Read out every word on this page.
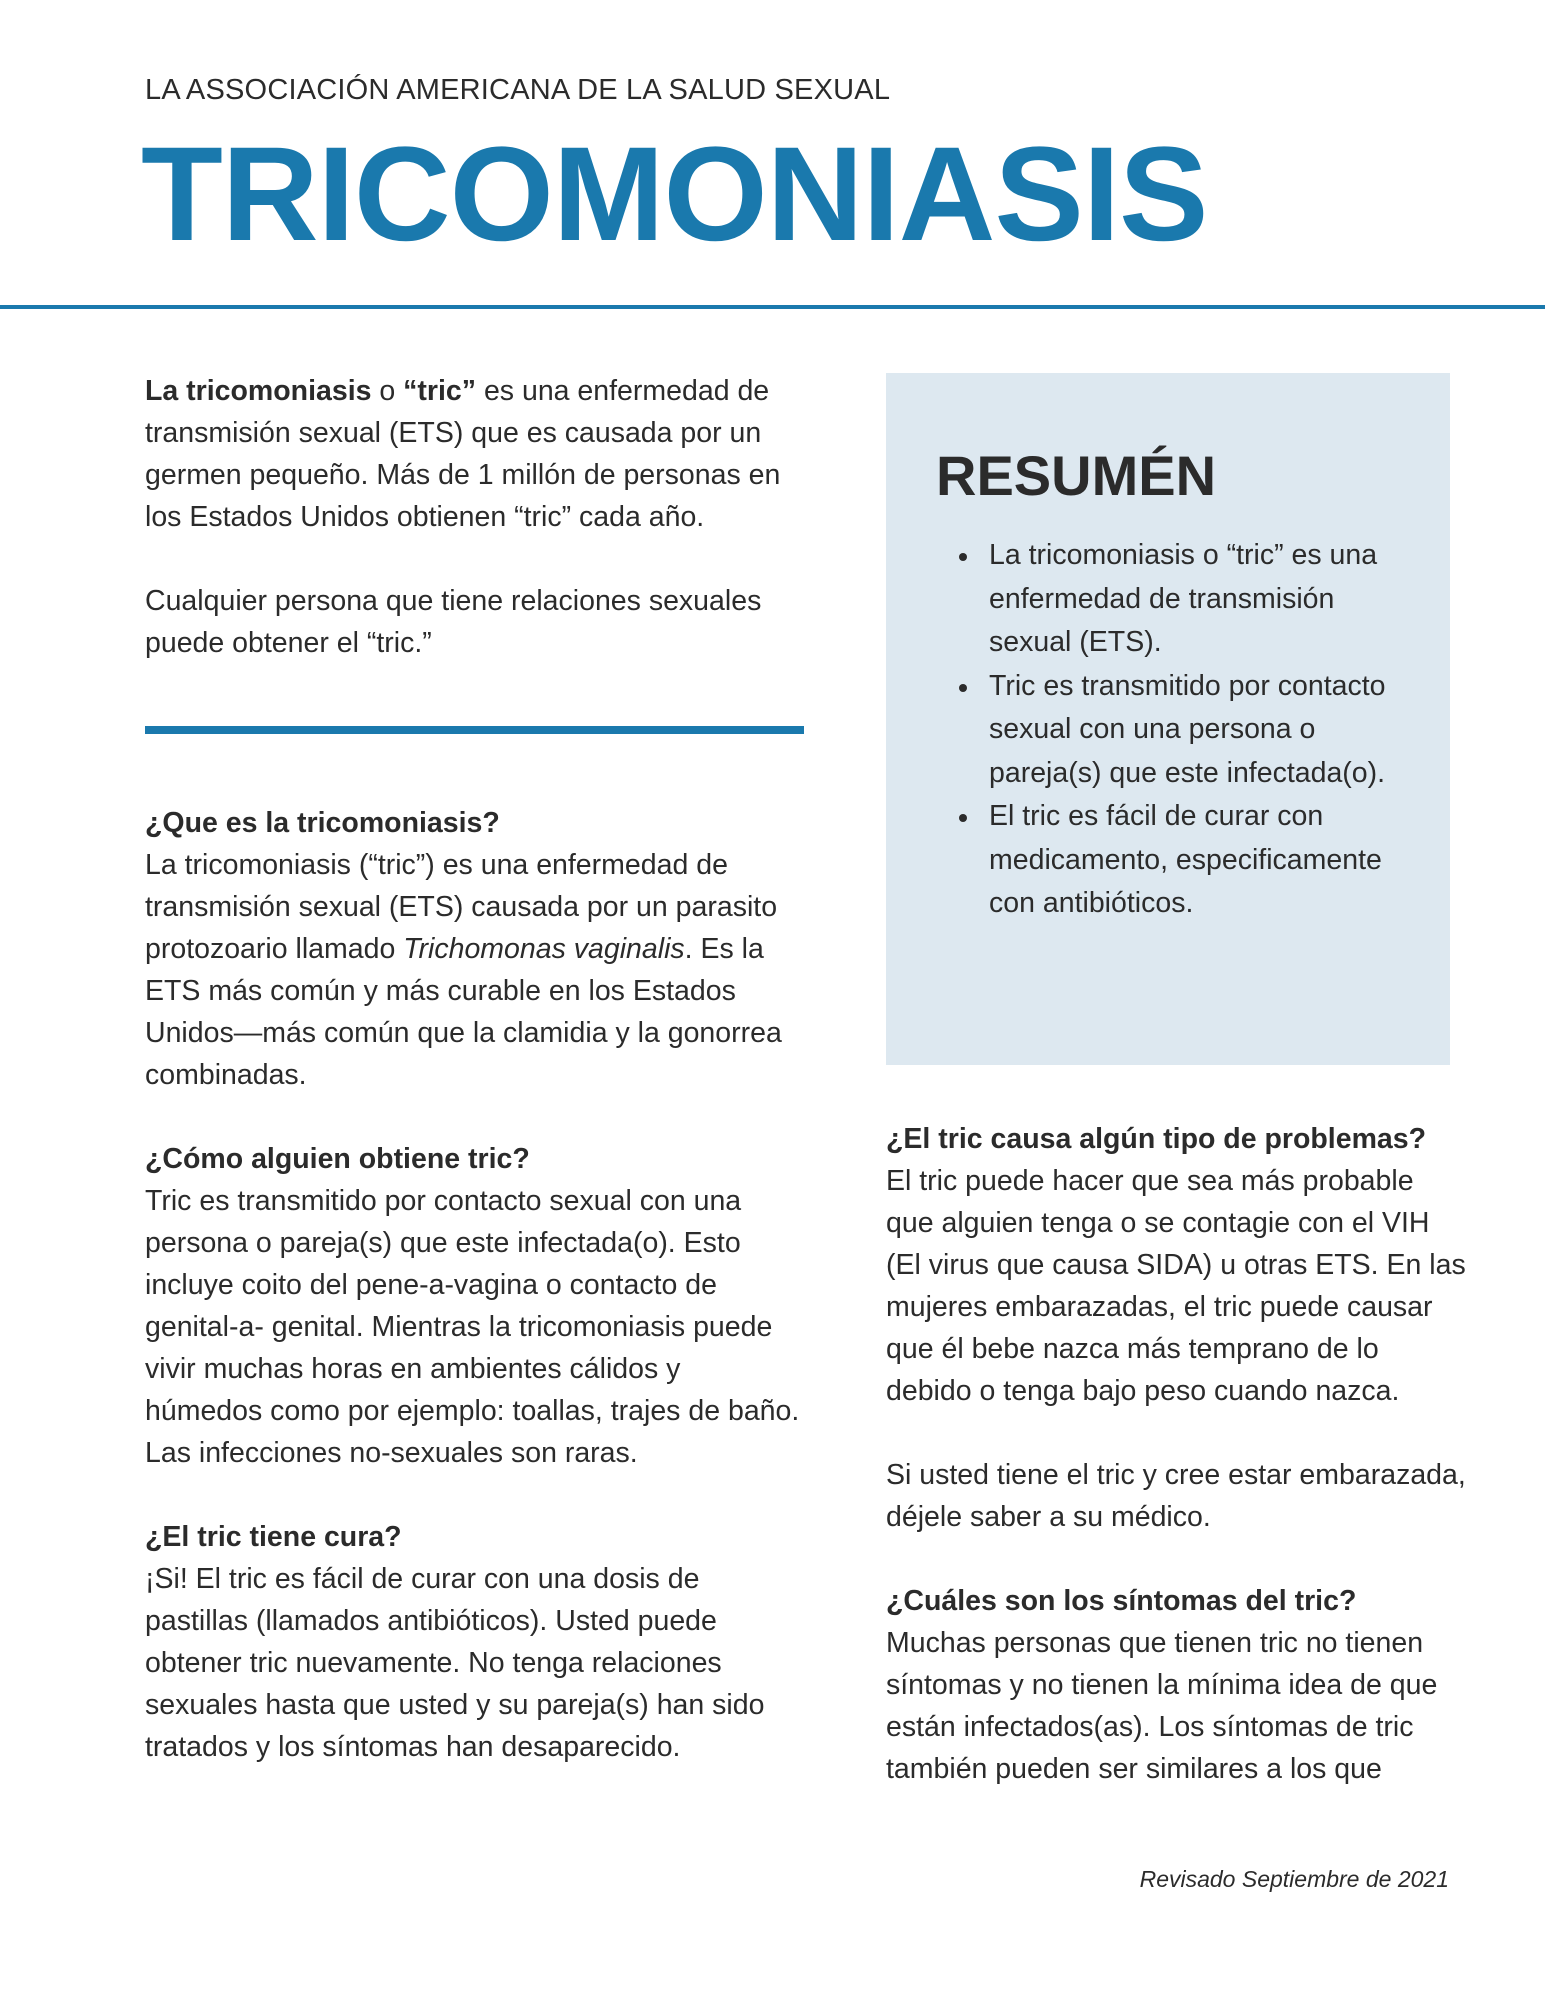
LA ASSOCIACIÓN AMERICANA DE LA SALUD SEXUAL
TRICOMONIASIS

La tricomoniasis o “tric” es una enfermedad de transmisión sexual (ETS) que es causada por un germen pequeño. Más de 1 millón de personas en los Estados Unidos obtienen “tric” cada año.

Cualquier persona que tiene relaciones sexuales puede obtener el “tric.”

¿Que es la tricomoniasis?

La tricomoniasis (“tric”) es una enfermedad de transmisión sexual (ETS) causada por un parasito protozoario llamado Trichomonas vaginalis. Es la ETS más común y más curable en los Estados Unidos—más común que la clamidia y la gonorrea combinadas.

¿Cómo alguien obtiene tric?

Tric es transmitido por contacto sexual con una persona o pareja(s) que este infectada(o). Esto incluye coito del pene-a-vagina o contacto de genital-a- genital. Mientras la tricomoniasis puede vivir muchas horas en ambientes cálidos y húmedos como por ejemplo: toallas, trajes de baño. Las infecciones no-sexuales son raras.

¿El tric tiene cura?

¡Si! El tric es fácil de curar con una dosis de pastillas (llamados antibióticos). Usted puede obtener tric nuevamente. No tenga relaciones sexuales hasta que usted y su pareja(s) han sido tratados y los síntomas han desaparecido.

RESUMÉN
La tricomoniasis o “tric” es una enfermedad de transmisión sexual (ETS).
Tric es transmitido por contacto sexual con una persona o pareja(s) que este infectada(o).
El tric es fácil de curar con medicamento, especificamente con antibióticos.

¿El tric causa algún tipo de problemas?

El tric puede hacer que sea más probable que alguien tenga o se contagie con el VIH (El virus que causa SIDA) u otras ETS. En las mujeres embarazadas, el tric puede causar que él bebe nazca más temprano de lo debido o tenga bajo peso cuando nazca.

Si usted tiene el tric y cree estar embarazada, déjele saber a su médico.

¿Cuáles son los síntomas del tric?

Muchas personas que tienen tric no tienen síntomas y no tienen la mínima idea de que están infectados(as). Los síntomas de tric también pueden ser similares a los que

Revisado Septiembre de 2021
